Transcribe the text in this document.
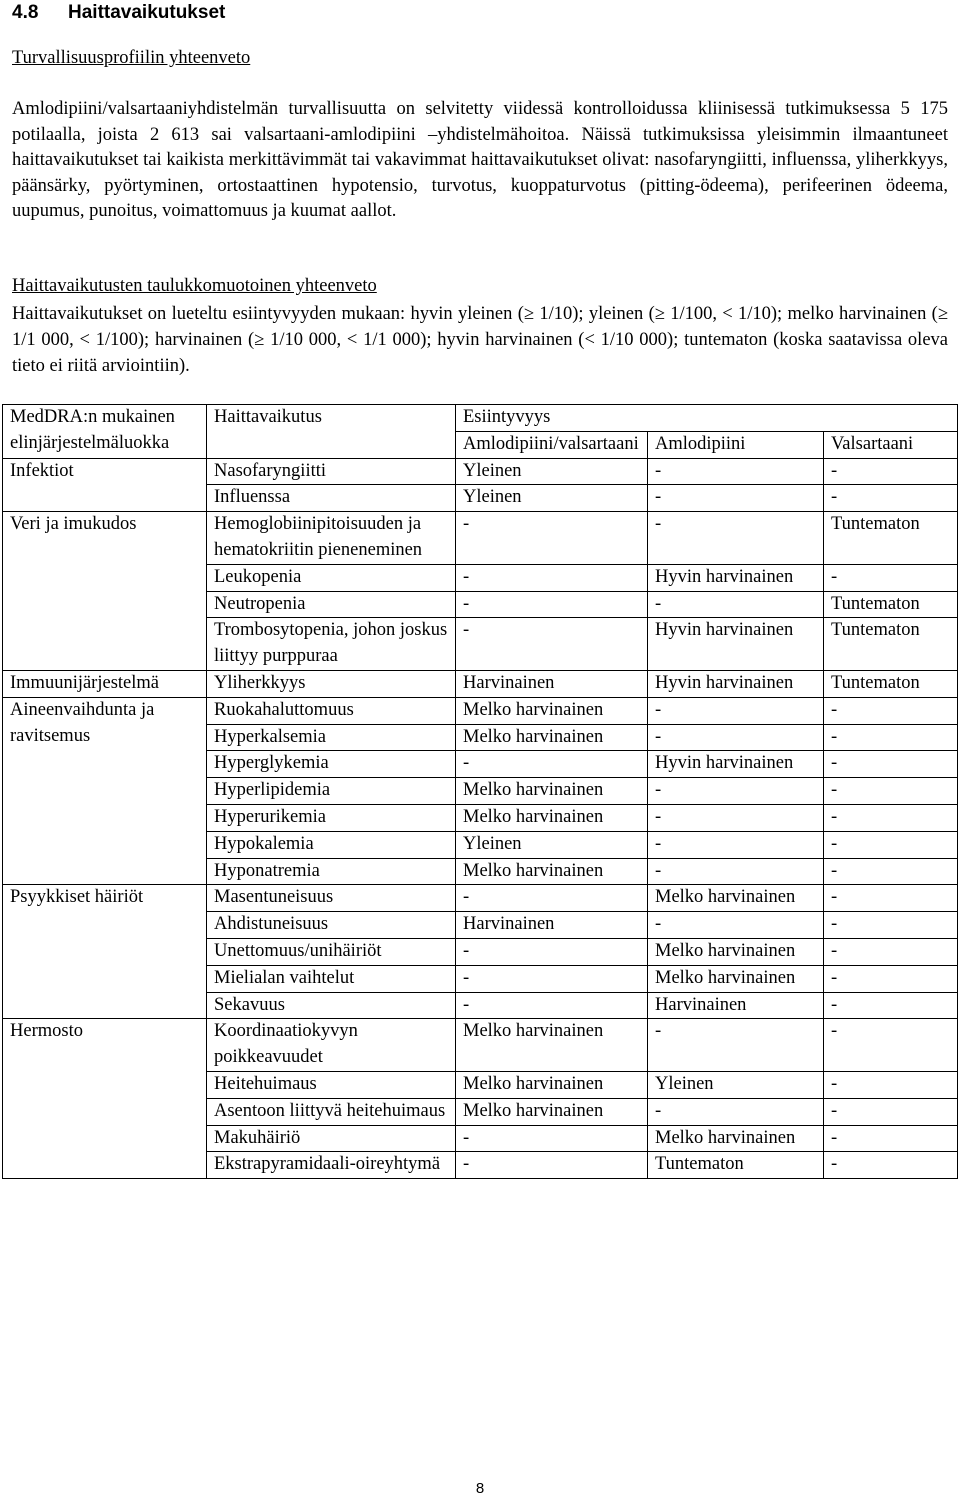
4.8 Haittavaikutukset
Turvallisuusprofiilin yhteenveto
Amlodipiini/valsartaaniyhdistelmän turvallisuutta on selvitetty viidessä kontrolloidussa kliinisessä tutkimuksessa 5 175 potilaalla, joista 2 613 sai valsartaani-amlodipiini –yhdistelmähoitoa. Näissä tutkimuksissa yleisimmin ilmaantuneet haittavaikutukset tai kaikista merkittävimmät tai vakavimmat haittavaikutukset olivat: nasofaryngiitti, influenssa, yliherkkyys, päänsärky, pyörtyminen, ortostaattinen hypotensio, turvotus, kuoppaturvotus (pitting-ödeema), perifeerinen ödeema, uupumus, punoitus, voimattomuus ja kuumat aallot.
Haittavaikutusten taulukkomuotoinen yhteenveto
Haittavaikutukset on lueteltu esiintyvyyden mukaan: hyvin yleinen (≥ 1/10); yleinen (≥ 1/100, < 1/10); melko harvinainen (≥ 1/1 000, < 1/100); harvinainen (≥ 1/10 000, < 1/1 000); hyvin harvinainen (< 1/10 000); tuntematon (koska saatavissa oleva tieto ei riitä arviointiin).
MedDRA:n mukainen elinjärjestelmäluokka	Haittavaikutus	Esiintyvyys		
		Amlodipiini/valsartaani	Amlodipiini	Valsartaani
Infektiot	Nasofaryngiitti	Yleinen	-	-
	Influenssa	Yleinen	-	-
Veri ja imukudos	Hemoglobiinipitoisuuden ja hematokriitin pieneneminen	-	-	Tuntematon
	Leukopenia	-	Hyvin harvinainen	-
	Neutropenia	-	-	Tuntematon
	Trombosytopenia, johon joskus liittyy purppuraa	-	Hyvin harvinainen	Tuntematon
Immuunijärjestelmä	Yliherkkyys	Harvinainen	Hyvin harvinainen	Tuntematon
Aineenvaihdunta ja ravitsemus	Ruokahaluttomuus	Melko harvinainen	-	-
	Hyperkalsemia	Melko harvinainen	-	-
	Hyperglykemia	-	Hyvin harvinainen	-
	Hyperlipidemia	Melko harvinainen	-	-
	Hyperurikemia	Melko harvinainen	-	-
	Hypokalemia	Yleinen	-	-
	Hyponatremia	Melko harvinainen	-	-
Psyykkiset häiriöt	Masentuneisuus	-	Melko harvinainen	-
	Ahdistuneisuus	Harvinainen	-	-
	Unettomuus/unihäiriöt	-	Melko harvinainen	-
	Mielialan vaihtelut	-	Melko harvinainen	-
	Sekavuus	-	Harvinainen	-
Hermosto	Koordinaatiokyvyn poikkeavuudet	Melko harvinainen	-	-
	Heitehuimaus	Melko harvinainen	Yleinen	-
	Asentoon liittyvä heitehuimaus	Melko harvinainen	-	-
	Makuhäiriö	-	Melko harvinainen	-
	Ekstrapyramidaali-oireyhtymä	-	Tuntematon	-
8
